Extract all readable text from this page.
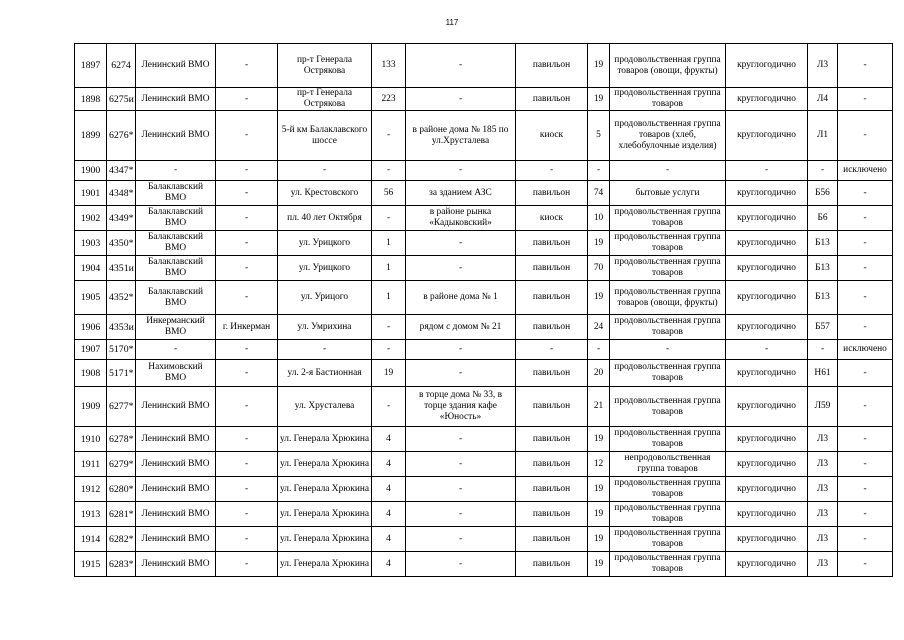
117
1897	6274	Ленинский ВМО	-	пр-т Генерала Острякова	133	-	павильон	19	продовольственная группа товаров (овощи, фрукты)	круглогодично	Л3	-
1898	6275и	Ленинский ВМО	-	пр-т Генерала Острякова	223	-	павильон	19	продовольственная группа товаров	круглогодично	Л4	-
1899	6276*	Ленинский ВМО	-	5-й км Балаклавского шоссе	-	в районе дома № 185 по ул.Хрусталева	киоск	5	продовольственная группа товаров (хлеб, хлебобулочные изделия)	круглогодично	Л1	-
1900	4347*	-	-	-	-	-	-	-	-	-	-	исключено
1901	4348*	Балаклавский ВМО	-	ул. Крестовского	56	за зданием АЗС	павильон	74	бытовые услуги	круглогодично	Б56	-
1902	4349*	Балаклавский ВМО	-	пл. 40 лет Октября	-	в районе рынка «Кадыковский»	киоск	10	продовольственная группа товаров	круглогодично	Б6	-
1903	4350*	Балаклавский ВМО	-	ул. Урицкого	1	-	павильон	19	продовольственная группа товаров	круглогодично	Б13	-
1904	4351и	Балаклавский ВМО	-	ул. Урицкого	1	-	павильон	70	продовольственная группа товаров	круглогодично	Б13	-
1905	4352*	Балаклавский ВМО	-	ул. Урицого	1	в районе дома № 1	павильон	19	продовольственная группа товаров (овощи, фрукты)	круглогодично	Б13	-
1906	4353и	Инкерманский ВМО	г. Инкерман	ул. Умрихина	-	рядом с домом № 21	павильон	24	продовольственная группа товаров	круглогодично	Б57	-
1907	5170*	-	-	-	-	-	-	-	-	-	-	исключено
1908	5171*	Нахимовский ВМО	-	ул. 2-я Бастионная	19	-	павильон	20	продовольственная группа товаров	круглогодично	Н61	-
1909	6277*	Ленинский ВМО	-	ул. Хрусталева	-	в торце дома № 33, в торце здания кафе «Юность»	павильон	21	продовольственная группа товаров	круглогодично	Л59	-
1910	6278*	Ленинский ВМО	-	ул. Генерала Хрюкина	4	-	павильон	19	продовольственная группа товаров	круглогодично	Л3	-
1911	6279*	Ленинский ВМО	-	ул. Генерала Хрюкина	4	-	павильон	12	непродовольственная группа товаров	круглогодично	Л3	-
1912	6280*	Ленинский ВМО	-	ул. Генерала Хрюкина	4	-	павильон	19	продовольственная группа товаров	круглогодично	Л3	-
1913	6281*	Ленинский ВМО	-	ул. Генерала Хрюкина	4	-	павильон	19	продовольственная группа товаров	круглогодично	Л3	-
1914	6282*	Ленинский ВМО	-	ул. Генерала Хрюкина	4	-	павильон	19	продовольственная группа товаров	круглогодично	Л3	-
1915	6283*	Ленинский ВМО	-	ул. Генерала Хрюкина	4	-	павильон	19	продовольственная группа товаров	круглогодично	Л3	-
